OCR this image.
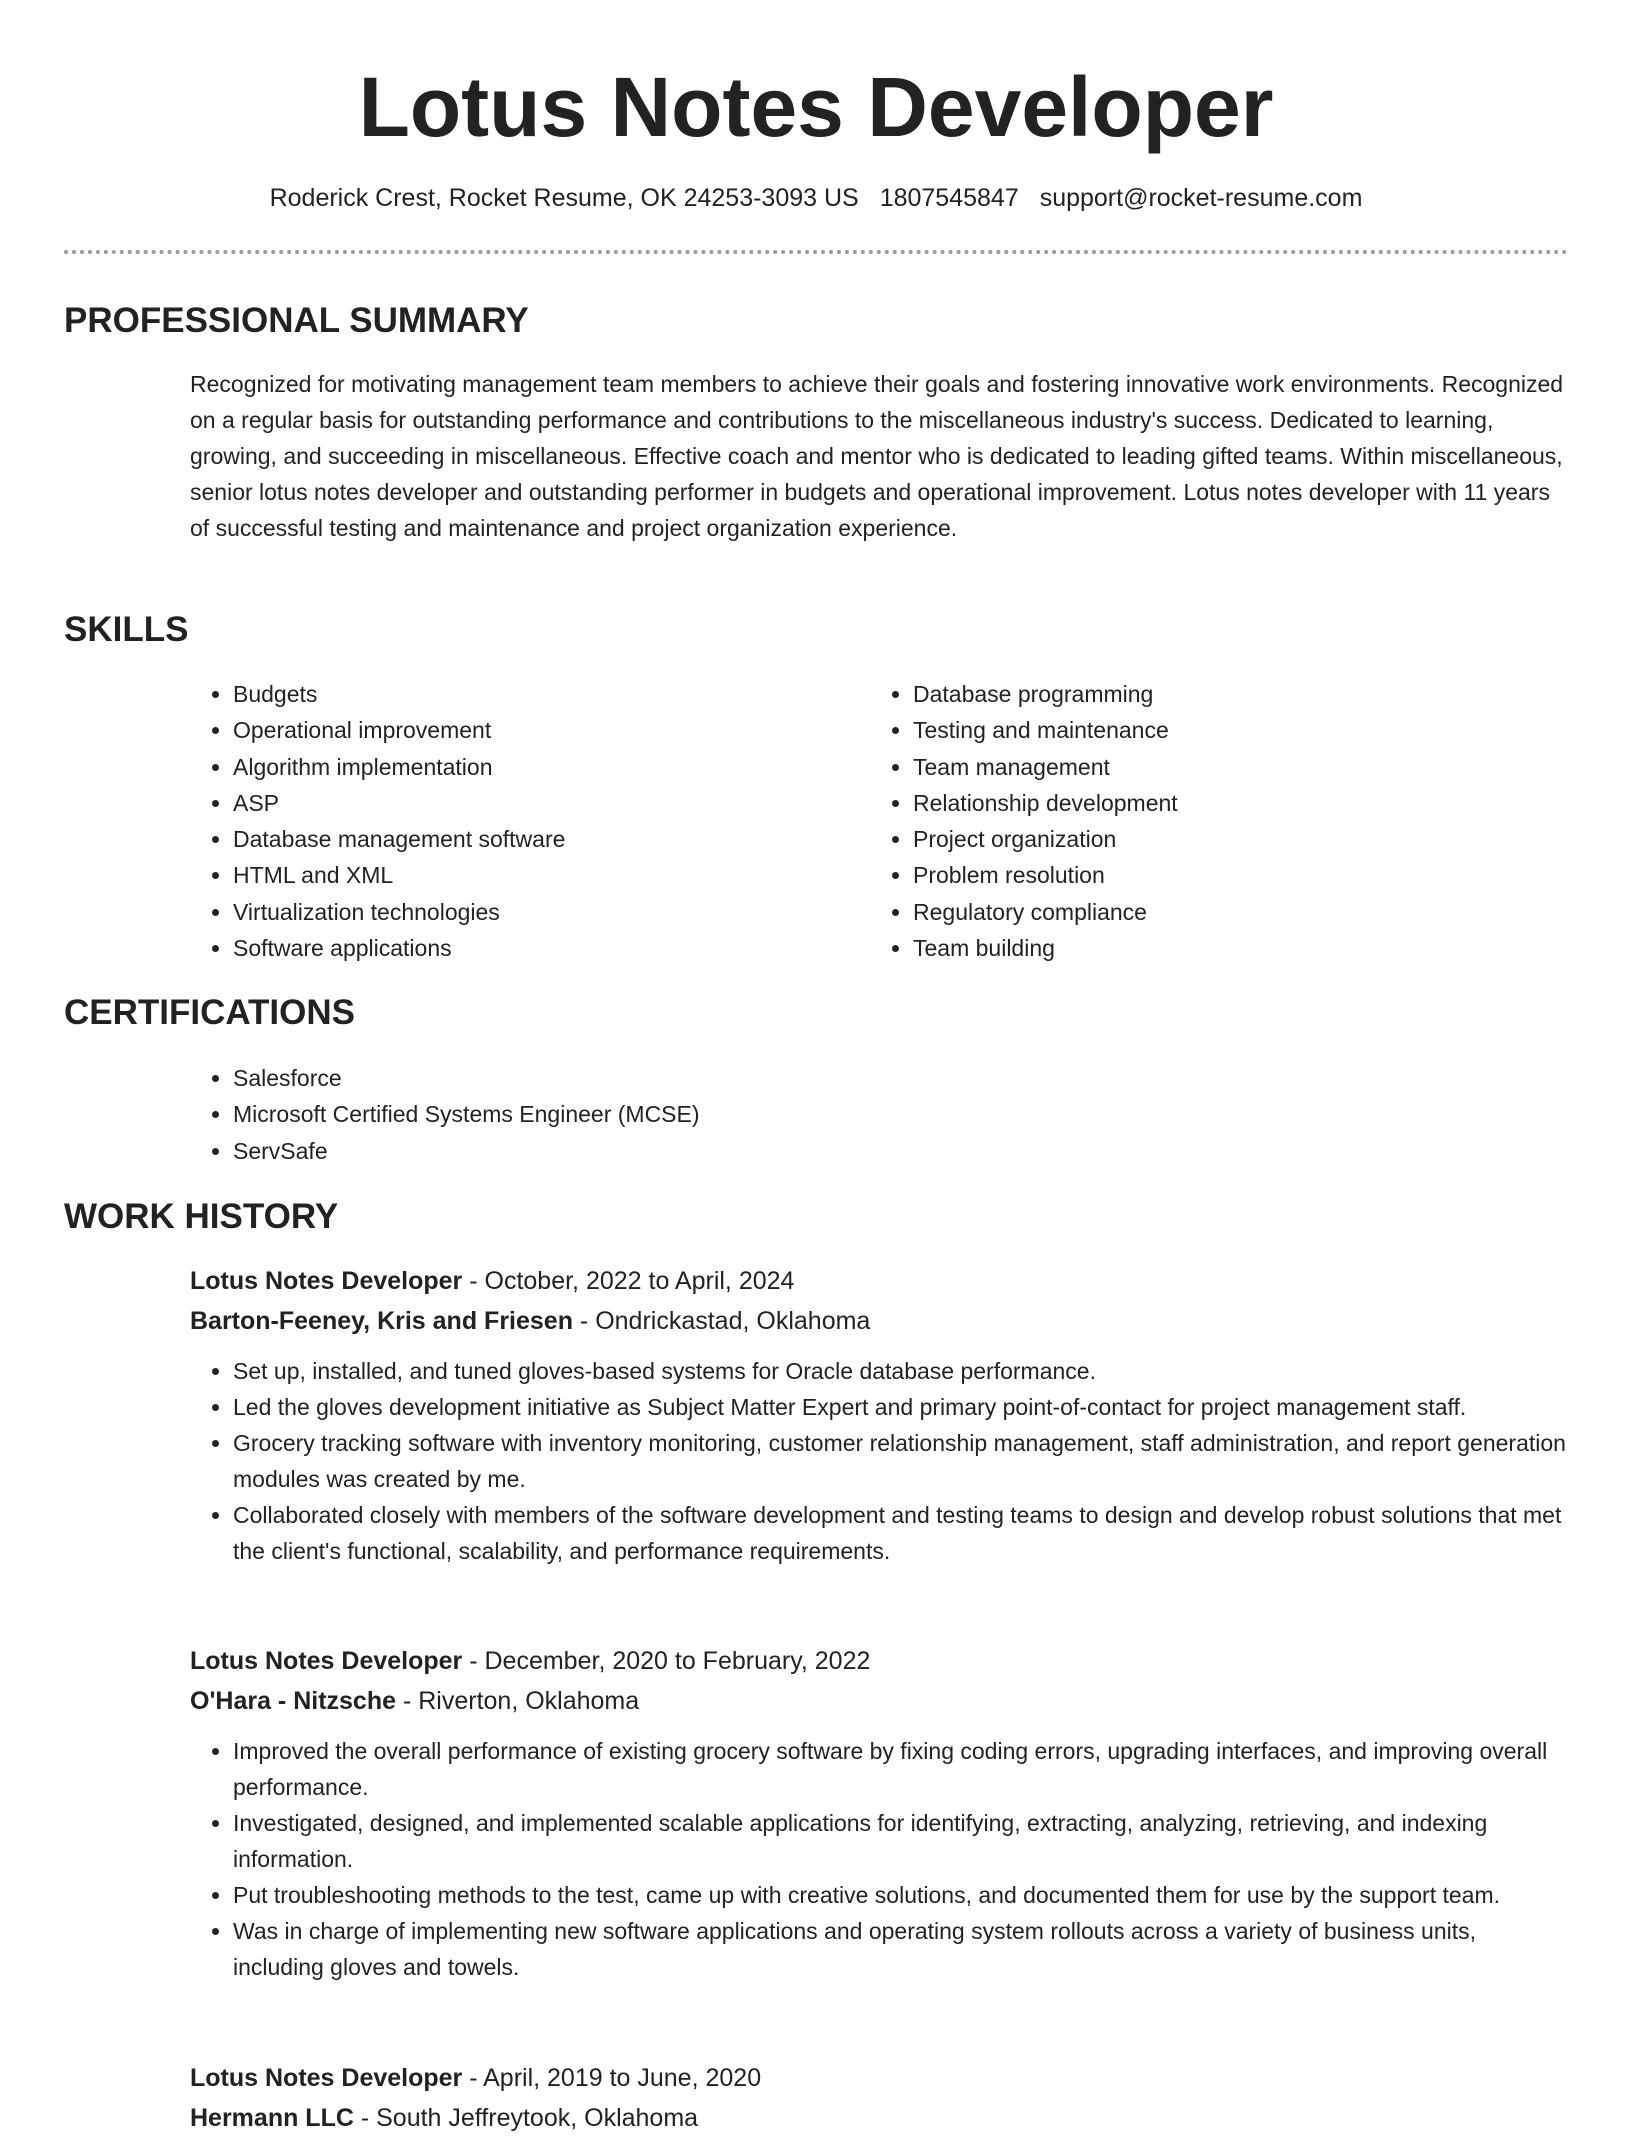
Lotus Notes Developer
Roderick Crest, Rocket Resume, OK 24253-3093 US 1807545847 support@rocket-resume.com
PROFESSIONAL SUMMARY
Recognized for motivating management team members to achieve their goals and fostering innovative work environments. Recognized on a regular basis for outstanding performance and contributions to the miscellaneous industry's success. Dedicated to learning, growing, and succeeding in miscellaneous. Effective coach and mentor who is dedicated to leading gifted teams. Within miscellaneous, senior lotus notes developer and outstanding performer in budgets and operational improvement. Lotus notes developer with 11 years of successful testing and maintenance and project organization experience.
SKILLS
• Budgets
• Operational improvement
• Algorithm implementation
• ASP
• Database management software
• HTML and XML
• Virtualization technologies
• Software applications
• Database programming
• Testing and maintenance
• Team management
• Relationship development
• Project organization
• Problem resolution
• Regulatory compliance
• Team building
CERTIFICATIONS
• Salesforce
• Microsoft Certified Systems Engineer (MCSE)
• ServSafe
WORK HISTORY
Lotus Notes Developer - October, 2022 to April, 2024
Barton-Feeney, Kris and Friesen - Ondrickastad, Oklahoma
• Set up, installed, and tuned gloves-based systems for Oracle database performance.
• Led the gloves development initiative as Subject Matter Expert and primary point-of-contact for project management staff.
• Grocery tracking software with inventory monitoring, customer relationship management, staff administration, and report generation modules was created by me.
• Collaborated closely with members of the software development and testing teams to design and develop robust solutions that met the client's functional, scalability, and performance requirements.
Lotus Notes Developer - December, 2020 to February, 2022
O'Hara - Nitzsche - Riverton, Oklahoma
• Improved the overall performance of existing grocery software by fixing coding errors, upgrading interfaces, and improving overall performance.
• Investigated, designed, and implemented scalable applications for identifying, extracting, analyzing, retrieving, and indexing information.
• Put troubleshooting methods to the test, came up with creative solutions, and documented them for use by the support team.
• Was in charge of implementing new software applications and operating system rollouts across a variety of business units, including gloves and towels.
Lotus Notes Developer - April, 2019 to June, 2020
Hermann LLC - South Jeffreytook, Oklahoma
